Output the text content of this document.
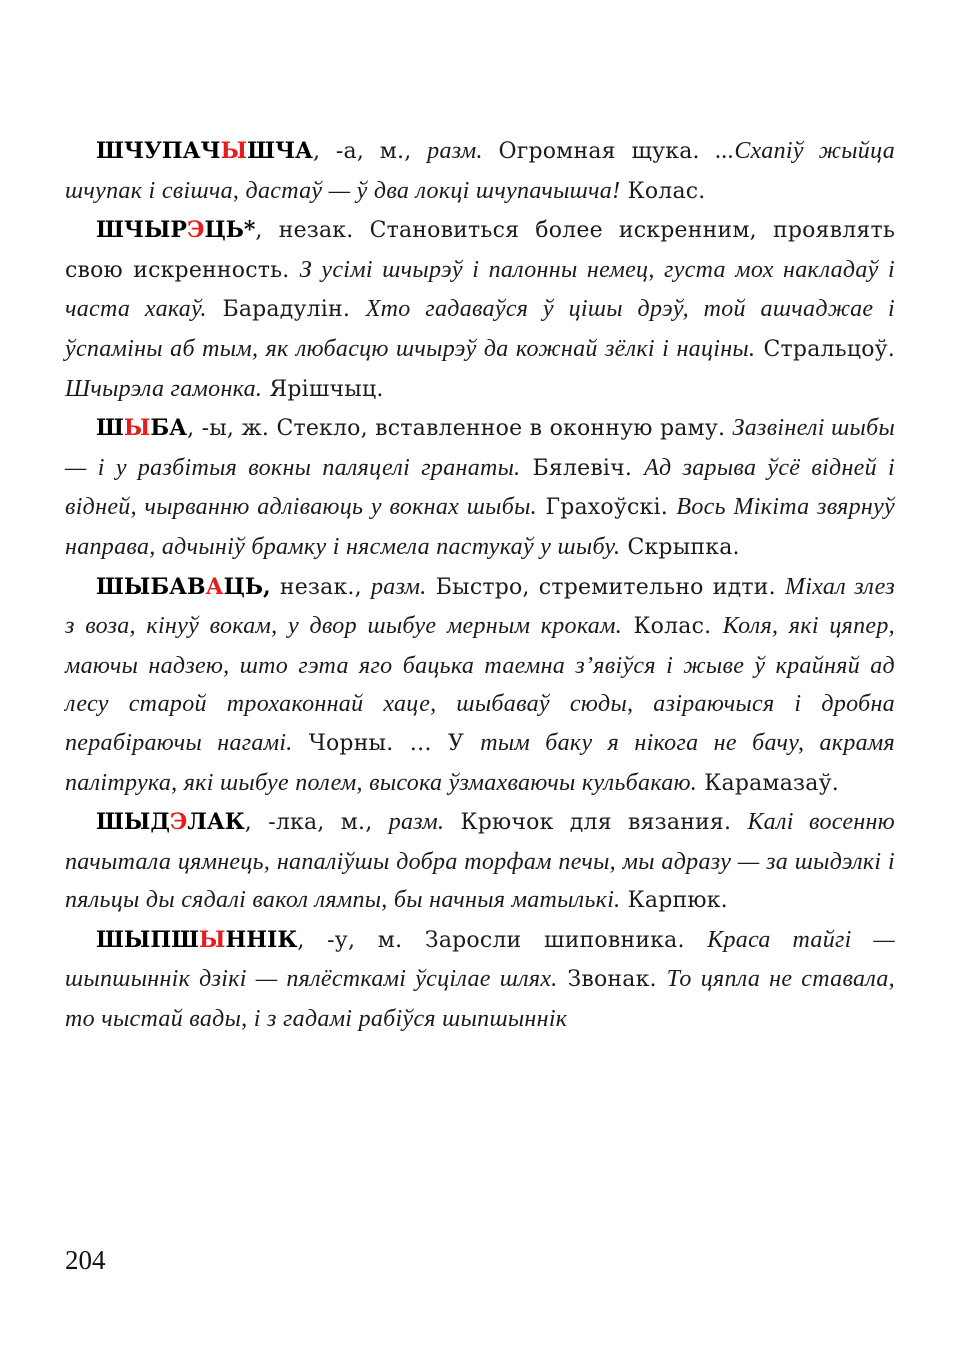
ШЧУПАЧЫШЧА, -а, м., разм. Огромная щука. ...Схапіў жыйца шчупак і свішча, дастаў — ў два локці шчупачышча! Колас.

ШЧЫРЭЦЬ*, незак. Становиться более искренним, проявлять свою искренность. З усімі шчырэў і палонны немец, густа мох накладаў і часта хакаў. Барадулін. Хто гадаваўся ў цішы дрэў, той ашчаджае і ўспаміны аб тым, як любасцю шчырэў да кожнай зёлкі і націны. Стральцоў. Шчырэла гамонка. Ярішчыц.

ШЫБА, -ы, ж. Стекло, вставленное в оконную раму. Зазвінелі шыбы — і у разбітыя вокны паляцелі гранаты. Бялевіч. Ад зарыва ўсё відней і відней, чырванню адліваюць у вокнах шыбы. Грахоўскі. Вось Мікіта звярнуў направа, адчыніў брамку і нясмела пастукаў у шыбу. Скрыпка.

ШЫБАВАЦЬ, незак., разм. Быстро, стремительно идти. Міхал злез з воза, кінуў вокам, у двор шыбуе мерным крокам. Колас. Коля, які цяпер, маючы надзею, што гэта яго бацька таемна з’явіўся і жыве ў крайняй ад лесу старой трохаконнай хаце, шыбаваў сюды, азіраючыся і дробна перабіраючы нагамі. Чорны. … У тым баку я нікога не бачу, акрамя палітрука, які шыбуе полем, высока ўзмахваючы кульбакаю. Карамазаў.

ШЫДЭЛАК, -лка, м., разм. Крючок для вязания. Калі восенню пачытала цямнець, напаліўшы добра торфам печы, мы адразу — за шыдэлкі і пяльцы ды сядалі вакол лямпы, бы начныя матылькі. Карпюк.

ШЫПШЫННІК, -у, м. Заросли шиповника. Краса тайгі — шыпшыннік дзікі — пялёсткамі ўсцілае шлях. Звонак. То цяпла не ставала, то чыстай вады, і з гадамі рабіўся шыпшыннік

204
